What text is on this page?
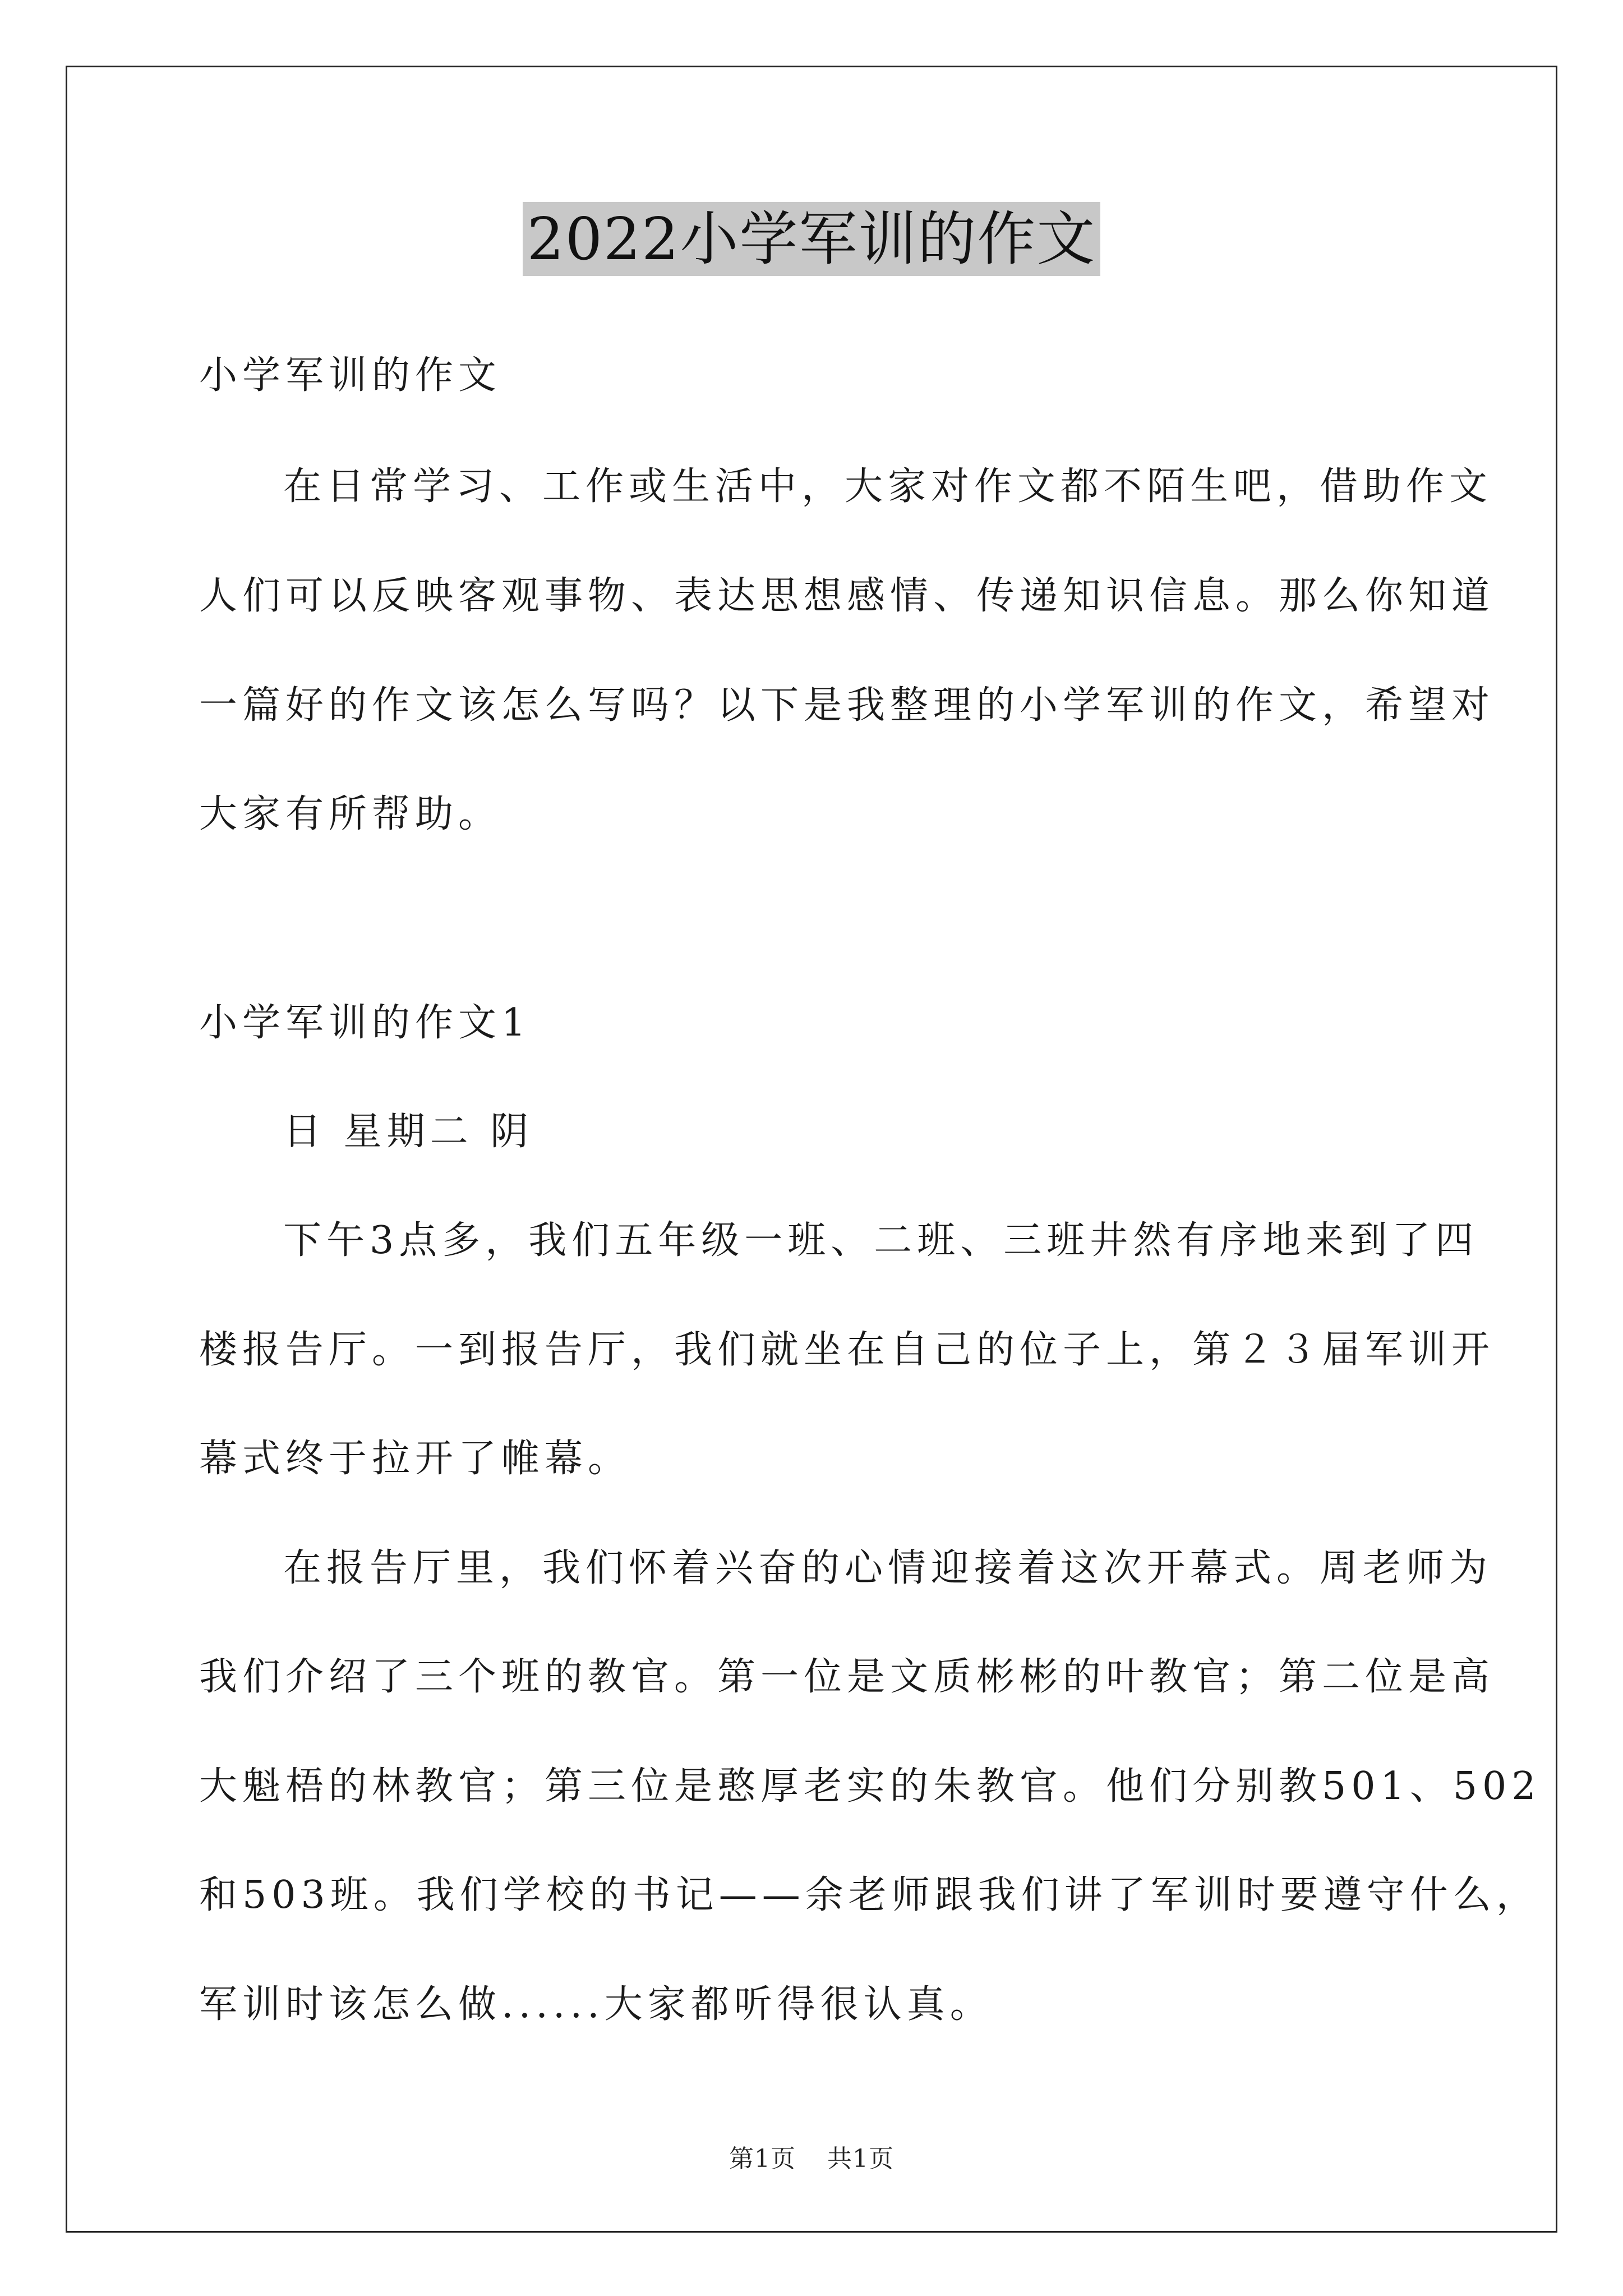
2022小学军训的作文
小学军训的作文
在日常学习、工作或生活中，大家对作文都不陌生吧，借助作文
人们可以反映客观事物、表达思想感情、传递知识信息。那么你知道
一篇好的作文该怎么写吗？以下是我整理的小学军训的作文，希望对
大家有所帮助。
小学军训的作文1
日 星期二 阴
下午3点多，我们五年级一班、二班、三班井然有序地来到了四
楼报告厅。一到报告厅，我们就坐在自己的位子上，第２３届军训开
幕式终于拉开了帷幕。
在报告厅里，我们怀着兴奋的心情迎接着这次开幕式。周老师为
我们介绍了三个班的教官。第一位是文质彬彬的叶教官；第二位是高
大魁梧的林教官；第三位是憨厚老实的朱教官。他们分别教501、502
和503班。我们学校的书记——余老师跟我们讲了军训时要遵守什么，
军训时该怎么做......大家都听得很认真。
第1页 共1页
